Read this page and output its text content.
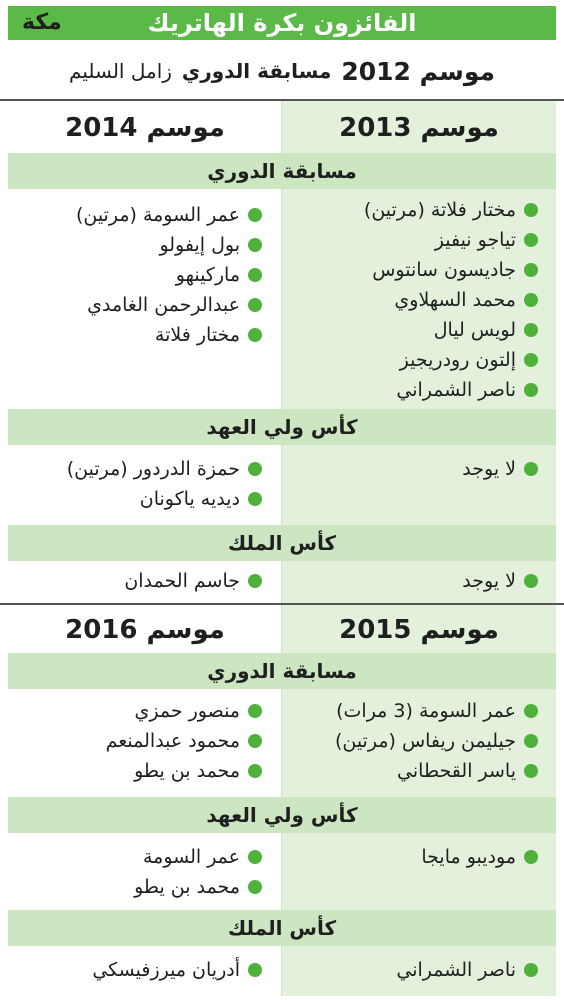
الفائزون بكرة الهاتريك
مكة
موسم 2012
مسابقة الدوري
زامل السليم
موسم 2013
موسم 2014
مسابقة الدوري
مختار فلاتة (مرتين)
تياجو نيفيز
جاديسون سانتوس
محمد السهلاوي
لويس ليال
إلتون رودريجيز
ناصر الشمراني
عمر السومة (مرتين)
بول إيفولو
ماركينهو
عبدالرحمن الغامدي
مختار فلاتة
كأس ولي العهد
لا يوجد
حمزة الدردور (مرتين)
ديديه ياكونان
كأس الملك
لا يوجد
جاسم الحمدان
موسم 2015
موسم 2016
مسابقة الدوري
عمر السومة (3 مرات)
جيليمن ريفاس (مرتين)
ياسر القحطاني
منصور حمزي
محمود عبدالمنعم
محمد بن يطو
كأس ولي العهد
موديبو مايجا
عمر السومة
محمد بن يطو
كأس الملك
ناصر الشمراني
أدريان ميرزفيسكي
